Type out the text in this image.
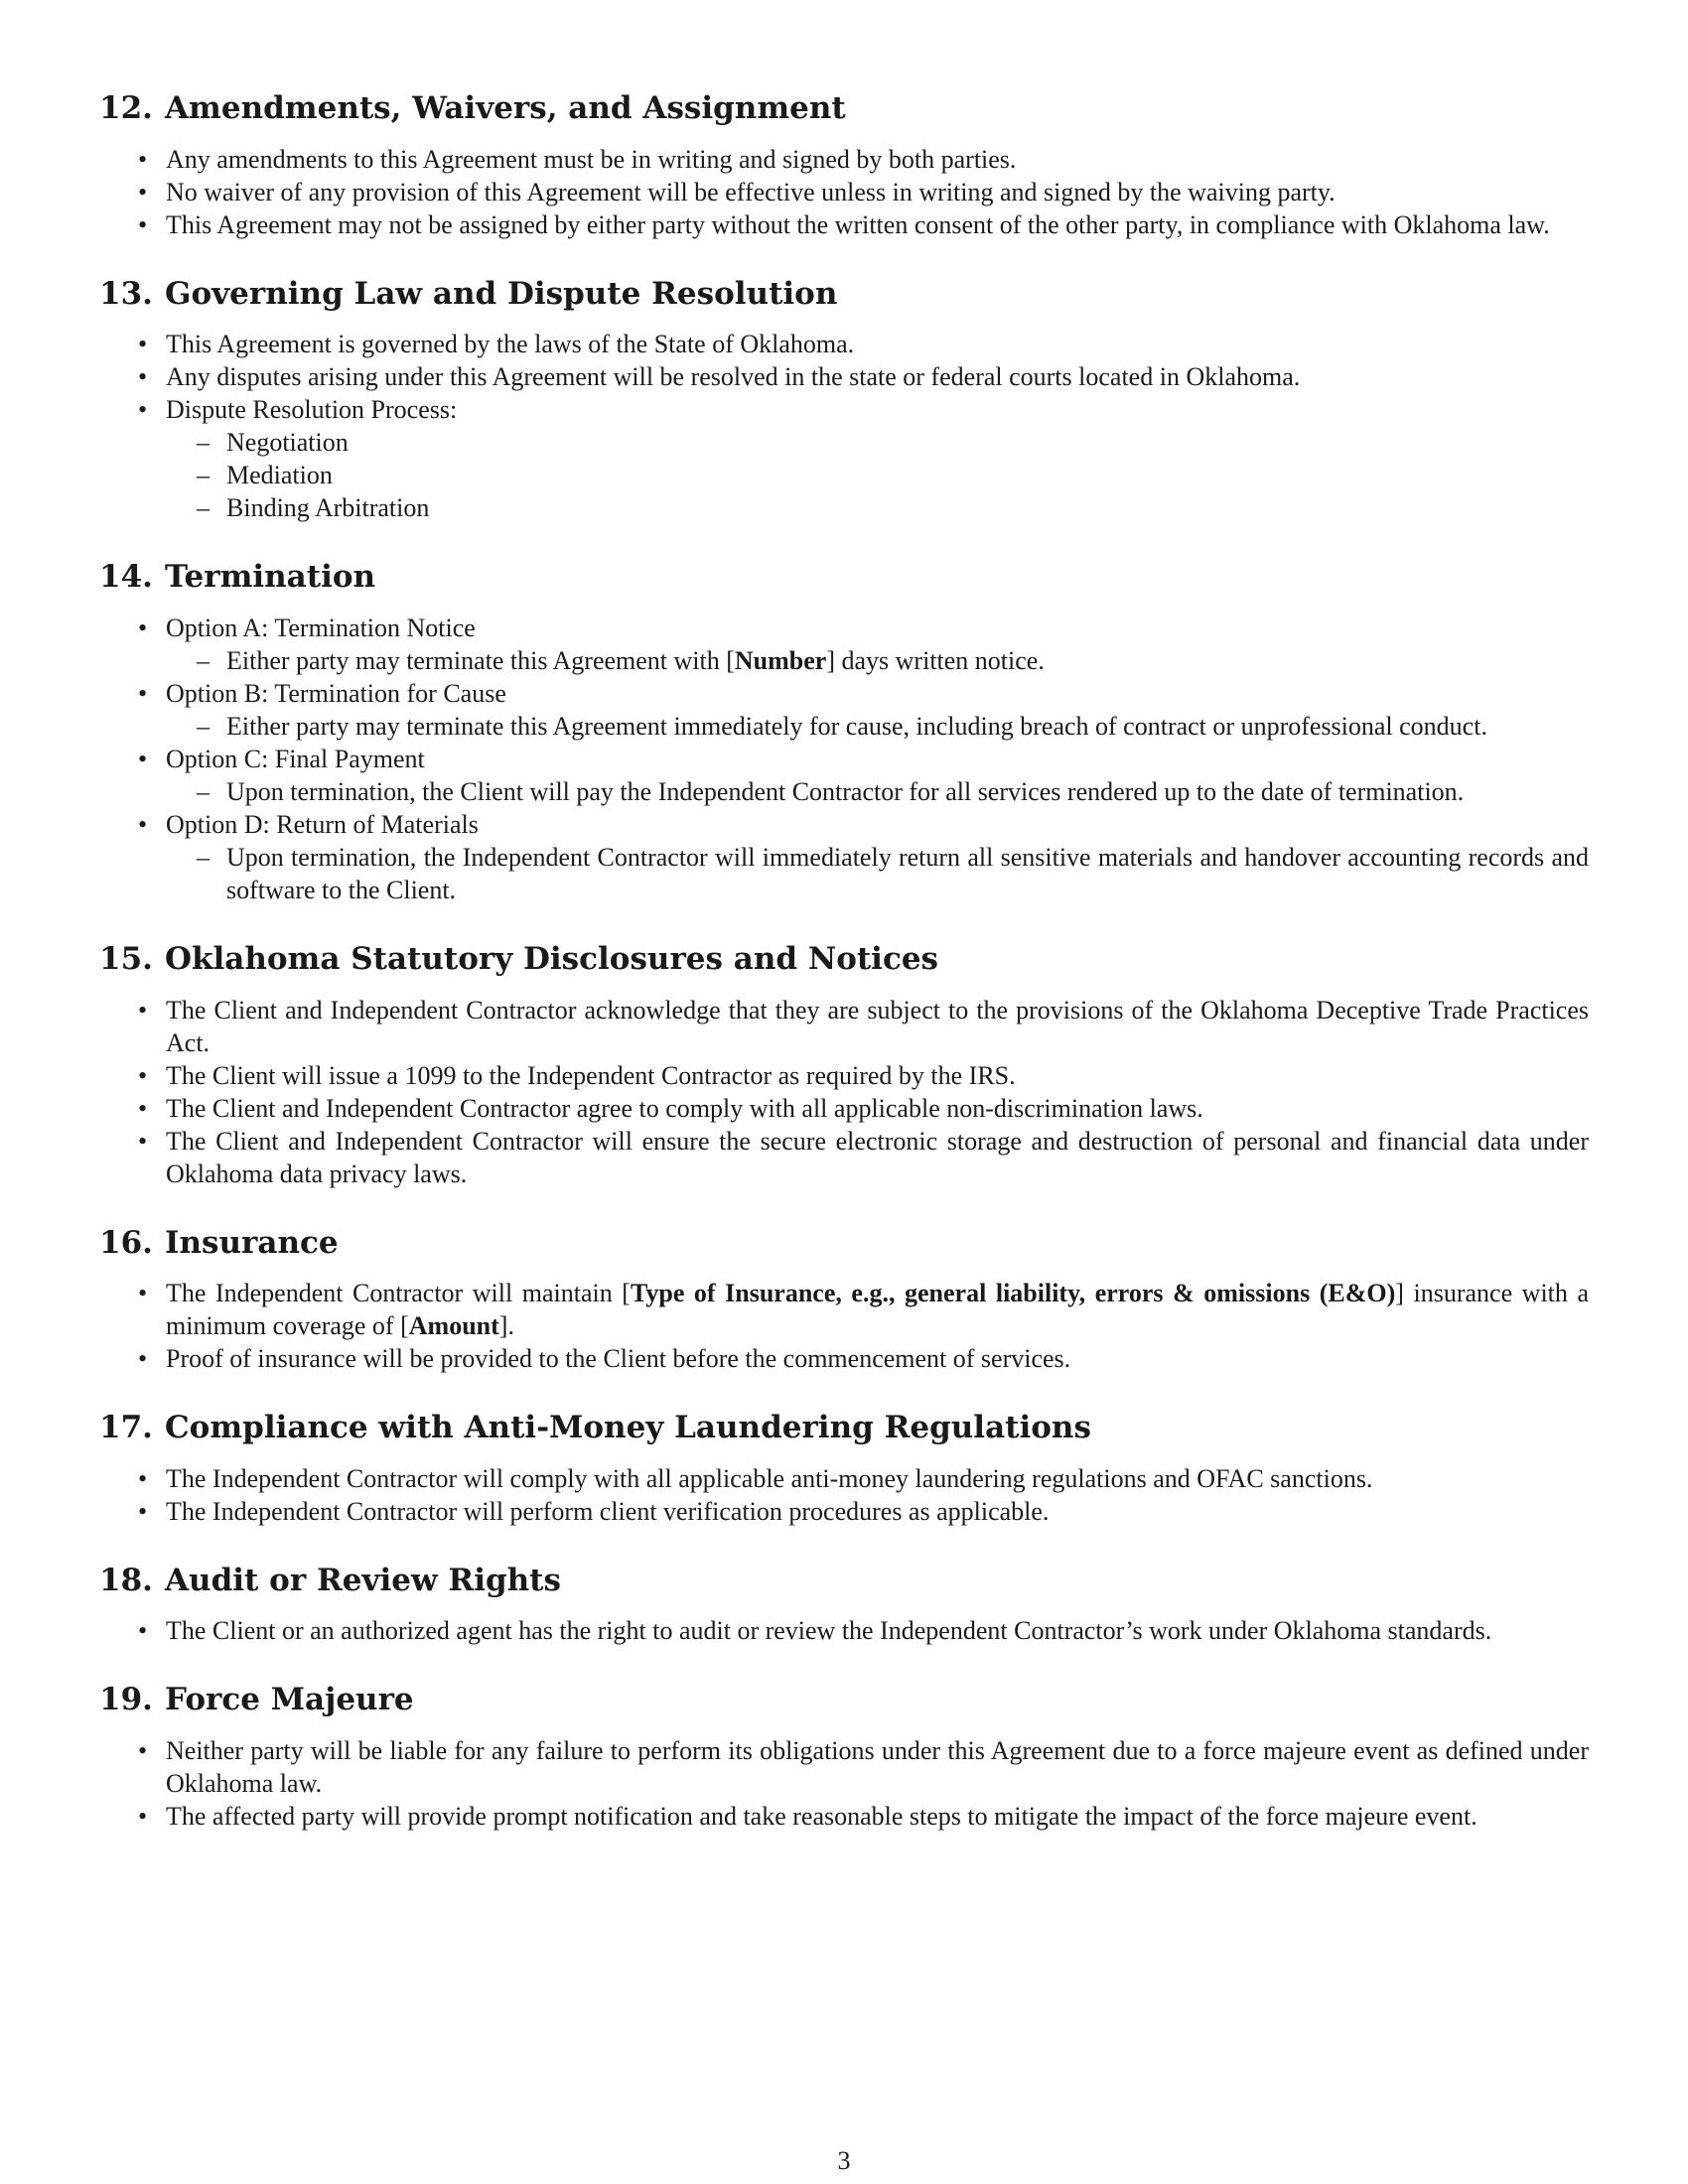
12. Amendments, Waivers, and Assignment
• Any amendments to this Agreement must be in writing and signed by both parties.
• No waiver of any provision of this Agreement will be effective unless in writing and signed by the waiving party.
• This Agreement may not be assigned by either party without the written consent of the other party, in compliance with Oklahoma law.
13. Governing Law and Dispute Resolution
• This Agreement is governed by the laws of the State of Oklahoma.
• Any disputes arising under this Agreement will be resolved in the state or federal courts located in Oklahoma.
• Dispute Resolution Process:
– Negotiation
– Mediation
– Binding Arbitration
14. Termination
• Option A: Termination Notice
– Either party may terminate this Agreement with [Number] days written notice.
• Option B: Termination for Cause
– Either party may terminate this Agreement immediately for cause, including breach of contract or unprofessional conduct.
• Option C: Final Payment
– Upon termination, the Client will pay the Independent Contractor for all services rendered up to the date of termination.
• Option D: Return of Materials
– Upon termination, the Independent Contractor will immediately return all sensitive materials and handover accounting records and software to the Client.
15. Oklahoma Statutory Disclosures and Notices
• The Client and Independent Contractor acknowledge that they are subject to the provisions of the Oklahoma Deceptive Trade Practices Act.
• The Client will issue a 1099 to the Independent Contractor as required by the IRS.
• The Client and Independent Contractor agree to comply with all applicable non-discrimination laws.
• The Client and Independent Contractor will ensure the secure electronic storage and destruction of personal and financial data under Oklahoma data privacy laws.
16. Insurance
• The Independent Contractor will maintain [Type of Insurance, e.g., general liability, errors & omissions (E&O)] insurance with a minimum coverage of [Amount].
• Proof of insurance will be provided to the Client before the commencement of services.
17. Compliance with Anti-Money Laundering Regulations
• The Independent Contractor will comply with all applicable anti-money laundering regulations and OFAC sanctions.
• The Independent Contractor will perform client verification procedures as applicable.
18. Audit or Review Rights
• The Client or an authorized agent has the right to audit or review the Independent Contractor’s work under Oklahoma standards.
19. Force Majeure
• Neither party will be liable for any failure to perform its obligations under this Agreement due to a force majeure event as defined under Oklahoma law.
• The affected party will provide prompt notification and take reasonable steps to mitigate the impact of the force majeure event.
3
